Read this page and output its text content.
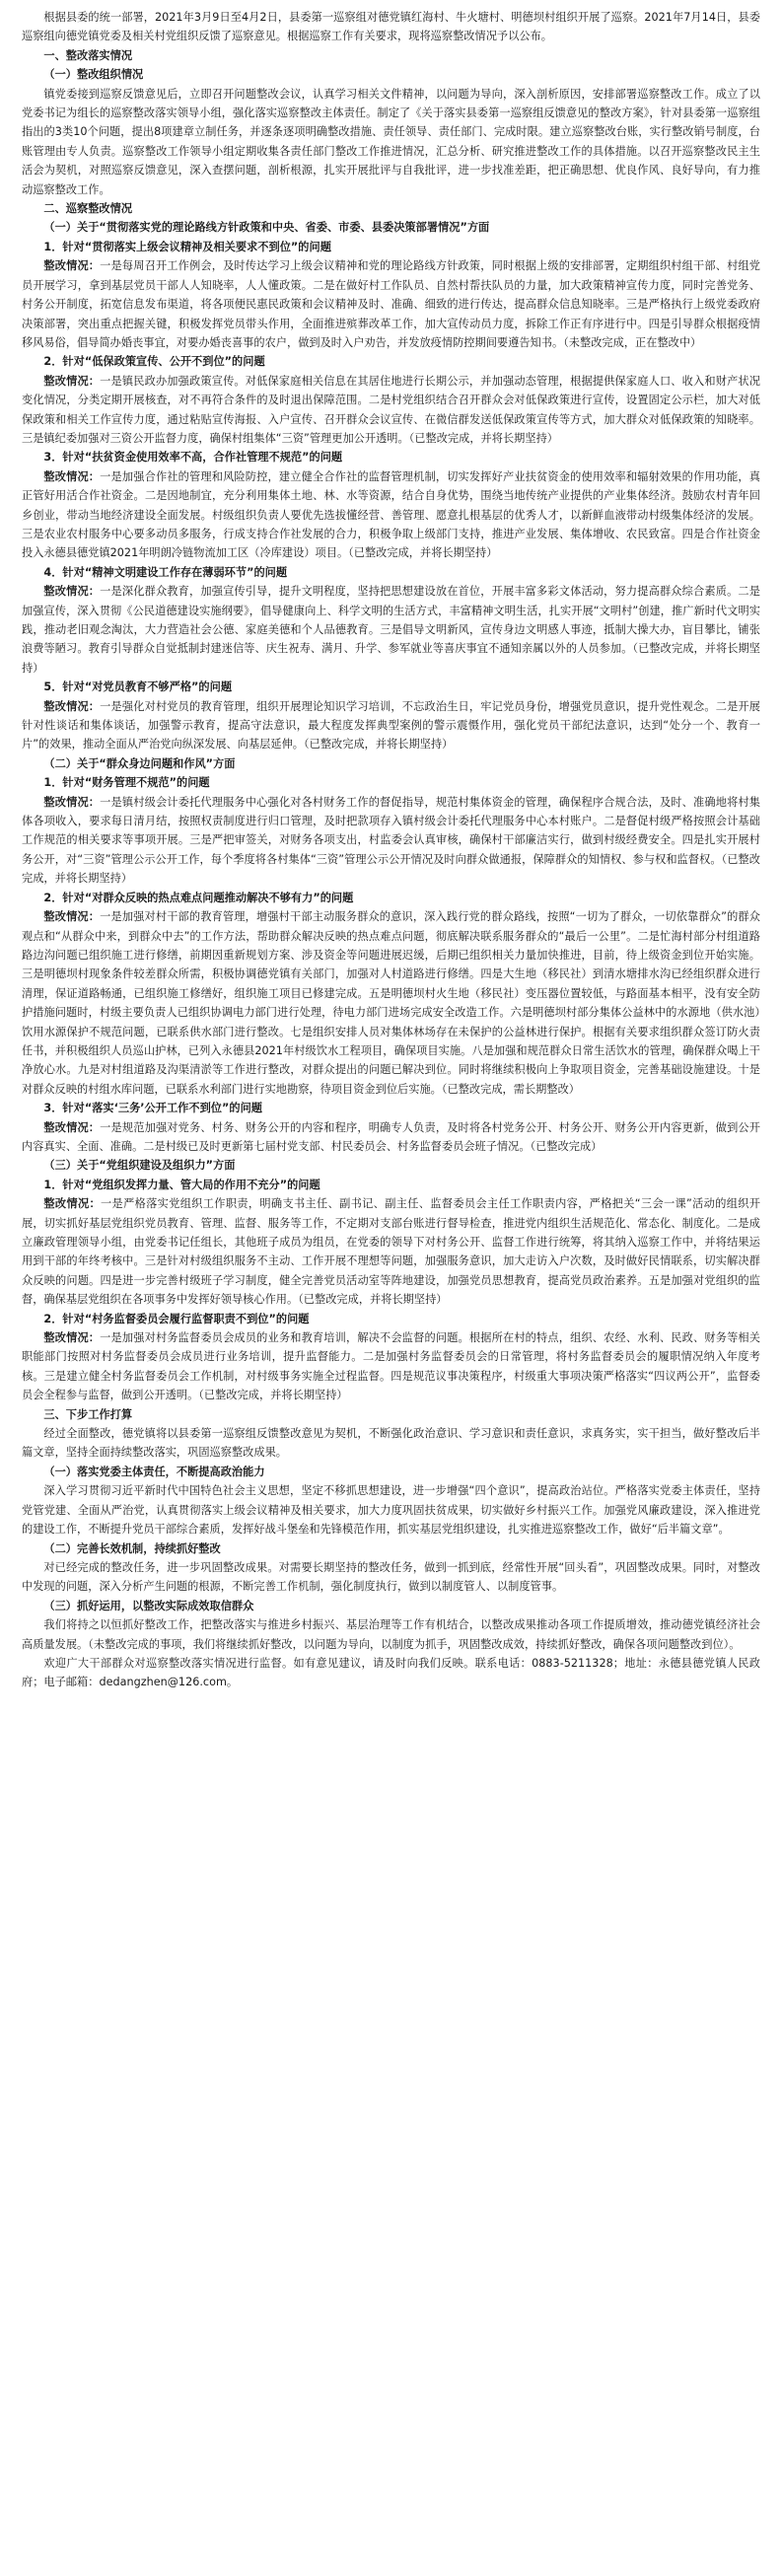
根据县委的统一部署，2021年3月9日至4月2日，县委第一巡察组对德党镇红海村、牛火塘村、明德坝村组织开展了巡察。2021年7月14日，县委巡察组向德党镇党委及相关村党组织反馈了巡察意见。根据巡察工作有关要求，现将巡察整改情况予以公布。

一、整改落实情况

（一）整改组织情况

镇党委接到巡察反馈意见后，立即召开问题整改会议，认真学习相关文件精神，以问题为导向，深入剖析原因，安排部署巡察整改工作。成立了以党委书记为组长的巡察整改落实领导小组，强化落实巡察整改主体责任。制定了《关于落实县委第一巡察组反馈意见的整改方案》，针对县委第一巡察组指出的3类10个问题，提出8项建章立制任务，并逐条逐项明确整改措施、责任领导、责任部门、完成时限。建立巡察整改台账，实行整改销号制度，台账管理由专人负责。巡察整改工作领导小组定期收集各责任部门整改工作推进情况，汇总分析、研究推进整改工作的具体措施。以召开巡察整改民主生活会为契机，对照巡察反馈意见，深入查摆问题，剖析根源，扎实开展批评与自我批评，进一步找准差距，把正确思想、优良作风、良好导向，有力推动巡察整改工作。

二、巡察整改情况

（一）关于“贯彻落实党的理论路线方针政策和中央、省委、市委、县委决策部署情况”方面

1．针对“贯彻落实上级会议精神及相关要求不到位”的问题

整改情况：一是每周召开工作例会，及时传达学习上级会议精神和党的理论路线方针政策，同时根据上级的安排部署，定期组织村组干部、村组党员开展学习，拿到基层党员干部人人知晓率，人人懂政策。二是在做好村工作队员、自然村帮扶队员的力量，加大政策精神宣传力度，同时完善党务、村务公开制度，拓宽信息发布渠道，将各项便民惠民政策和会议精神及时、准确、细致的进行传达，提高群众信息知晓率。三是严格执行上级党委政府决策部署，突出重点把握关键，积极发挥党员带头作用，全面推进殡葬改革工作，加大宣传动员力度，拆除工作正有序进行中。四是引导群众根据疫情移风易俗，倡导简办婚丧事宜，对要办婚丧喜事的农户，做到及时入户劝告，并发放疫情防控期间要遵告知书。（未整改完成，正在整改中）

2．针对“低保政策宣传、公开不到位”的问题

整改情况：一是镇民政办加强政策宣传。对低保家庭相关信息在其居住地进行长期公示，并加强动态管理，根据提供保家庭人口、收入和财产状况变化情况，分类定期开展核查，对不再符合条件的及时退出保障范围。二是村党组织结合召开群众会对低保政策进行宣传，设置固定公示栏，加大对低保政策和相关工作宣传力度，通过粘贴宣传海报、入户宣传、召开群众会议宣传、在微信群发送低保政策宣传等方式，加大群众对低保政策的知晓率。三是镇纪委加强对三资公开监督力度，确保村组集体“三资”管理更加公开透明。（已整改完成，并将长期坚持）

3．针对“扶贫资金使用效率不高，合作社管理不规范”的问题

整改情况：一是加强合作社的管理和风险防控，建立健全合作社的监督管理机制，切实发挥好产业扶贫资金的使用效率和辐射效果的作用功能，真正管好用活合作社资金。二是因地制宜，充分利用集体土地、林、水等资源，结合自身优势，围绕当地传统产业提供的产业集体经济。鼓励农村青年回乡创业，带动当地经济建设全面发展。村级组织负责人要优先选拔懂经营、善管理、愿意扎根基层的优秀人才，以新鲜血液带动村级集体经济的发展。三是农业农村服务中心要多动员多服务，行成支持合作社发展的合力，积极争取上级部门支持，推进产业发展、集体增收、农民致富。四是合作社资金投入永德县德党镇2021年明朗冷链物流加工区（冷库建设）项目。（已整改完成，并将长期坚持）

4．针对“精神文明建设工作存在薄弱环节”的问题

整改情况：一是深化群众教育，加强宣传引导，提升文明程度，坚持把思想建设放在首位，开展丰富多彩文体活动，努力提高群众综合素质。二是加强宣传，深入贯彻《公民道德建设实施纲要》，倡导健康向上、科学文明的生活方式，丰富精神文明生活，扎实开展“文明村”创建，推广新时代文明实践，推动老旧观念淘汰，大力营造社会公德、家庭美德和个人品德教育。三是倡导文明新风，宣传身边文明感人事迹，抵制大操大办，盲目攀比，铺张浪费等陋习。教育引导群众自觉抵制封建迷信等、庆生祝寿、满月、升学、参军就业等喜庆事宜不通知亲属以外的人员参加。（已整改完成，并将长期坚持）

5．针对“对党员教育不够严格”的问题

整改情况：一是强化对村党员的教育管理，组织开展理论知识学习培训，不忘政治生日，牢记党员身份，增强党员意识，提升党性观念。二是开展针对性谈话和集体谈话，加强警示教育，提高守法意识，最大程度发挥典型案例的警示震慑作用，强化党员干部纪法意识，达到“处分一个、教育一片”的效果，推动全面从严治党向纵深发展、向基层延伸。（已整改完成，并将长期坚持）

（二）关于“群众身边问题和作风”方面

1．针对“财务管理不规范”的问题

整改情况：一是镇村级会计委托代理服务中心强化对各村财务工作的督促指导，规范村集体资金的管理，确保程序合规合法，及时、准确地将村集体各项收入，要求每日清月结，按照权责制度进行归口管理，及时把款项存入镇村级会计委托代理服务中心本村账户。二是督促村级严格按照会计基础工作规范的相关要求等事项开展。三是严把审签关，对财务各项支出，村监委会认真审核，确保村干部廉洁实行，做到村级经费安全。四是扎实开展村务公开，对“三资”管理公示公开工作，每个季度将各村集体“三资”管理公示公开情况及时向群众做通报，保障群众的知情权、参与权和监督权。（已整改完成，并将长期坚持）

2．针对“对群众反映的热点难点问题推动解决不够有力”的问题

整改情况：一是加强对村干部的教育管理，增强村干部主动服务群众的意识，深入践行党的群众路线，按照“一切为了群众，一切依靠群众”的群众观点和“从群众中来，到群众中去”的工作方法，帮助群众解决反映的热点难点问题，彻底解决联系服务群众的“最后一公里”。二是忙海村部分村组道路路边沟问题已组织施工进行修缮，前期因重新规划方案、涉及资金等问题进展迟缓，后期已组织相关力量加快推进，目前，待上级资金到位开始实施。三是明德坝村现象条件较差群众所需，积极协调德党镇有关部门，加强对人村道路进行修缮。四是大生地（移民社）到清水塘排水沟已经组织群众进行清理，保证道路畅通，已组织施工修缮好，组织施工项目已修建完成。五是明德坝村火生地（移民社）变压器位置较低，与路面基本相平，没有安全防护措施问题时，村级主要负责人已组织协调电力部门进行处理，待电力部门进场完成安全改造工作。六是明德坝村部分集体公益林中的水源地（供水池）饮用水源保护不规范问题，已联系供水部门进行整改。七是组织安排人员对集体林场存在未保护的公益林进行保护。根据有关要求组织群众签订防火责任书，并积极组织人员巡山护林，已列入永德县2021年村级饮水工程项目，确保项目实施。八是加强和规范群众日常生活饮水的管理，确保群众喝上干净放心水。九是对村组道路及沟渠清淤等工作进行整改，对群众提出的问题已解决到位。同时将继续积极向上争取项目资金，完善基础设施建设。十是对群众反映的村组水库问题，已联系水利部门进行实地勘察，待项目资金到位后实施。（已整改完成，需长期整改）

3．针对“落实‘三务’公开工作不到位”的问题

整改情况：一是规范加强对党务、村务、财务公开的内容和程序，明确专人负责，及时将各村党务公开、村务公开、财务公开内容更新，做到公开内容真实、全面、准确。二是村级已及时更新第七届村党支部、村民委员会、村务监督委员会班子情况。（已整改完成）

（三）关于“党组织建设及组织力”方面

1．针对“党组织发挥力量、管大局的作用不充分”的问题

整改情况：一是严格落实党组织工作职责，明确支书主任、副书记、副主任、监督委员会主任工作职责内容，严格把关“三会一课”活动的组织开展，切实抓好基层党组织党员教育、管理、监督、服务等工作，不定期对支部台账进行督导检查，推进党内组织生活规范化、常态化、制度化。二是成立廉政管理领导小组，由党委书记任组长，其他班子成员为组员，在党委的领导下对村务公开、监督工作进行统筹，将其纳入巡察工作中，并将结果运用到干部的年终考核中。三是针对村级组织服务不主动、工作开展不理想等问题，加强服务意识，加大走访入户次数，及时做好民情联系，切实解决群众反映的问题。四是进一步完善村级班子学习制度，健全完善党员活动室等阵地建设，加强党员思想教育，提高党员政治素养。五是加强对党组织的监督，确保基层党组织在各项事务中发挥好领导核心作用。（已整改完成，并将长期坚持）

2．针对“村务监督委员会履行监督职责不到位”的问题

整改情况：一是加强对村务监督委员会成员的业务和教育培训，解决不会监督的问题。根据所在村的特点，组织、农经、水利、民政、财务等相关职能部门按照对村务监督委员会成员进行业务培训，提升监督能力。二是加强村务监督委员会的日常管理，将村务监督委员会的履职情况纳入年度考核。三是建立健全村务监督委员会工作机制，对村级事务实施全过程监督。四是规范议事决策程序，村级重大事项决策严格落实“四议两公开”，监督委员会全程参与监督，做到公开透明。（已整改完成，并将长期坚持）

三、下步工作打算

经过全面整改，德党镇将以县委第一巡察组反馈整改意见为契机，不断强化政治意识、学习意识和责任意识，求真务实，实干担当，做好整改后半篇文章，坚持全面持续整改落实，巩固巡察整改成果。

（一）落实党委主体责任，不断提高政治能力

深入学习贯彻习近平新时代中国特色社会主义思想，坚定不移抓思想建设，进一步增强“四个意识”，提高政治站位。严格落实党委主体责任，坚持党管党建、全面从严治党，认真贯彻落实上级会议精神及相关要求，加大力度巩固扶贫成果，切实做好乡村振兴工作。加强党风廉政建设，深入推进党的建设工作，不断提升党员干部综合素质，发挥好战斗堡垒和先锋模范作用，抓实基层党组织建设，扎实推进巡察整改工作，做好“后半篇文章”。

（二）完善长效机制，持续抓好整改

对已经完成的整改任务，进一步巩固整改成果。对需要长期坚持的整改任务，做到一抓到底，经常性开展“回头看”，巩固整改成果。同时，对整改中发现的问题，深入分析产生问题的根源，不断完善工作机制，强化制度执行，做到以制度管人、以制度管事。

（三）抓好运用，以整改实际成效取信群众

我们将持之以恒抓好整改工作，把整改落实与推进乡村振兴、基层治理等工作有机结合，以整改成果推动各项工作提质增效，推动德党镇经济社会高质量发展。（未整改完成的事项，我们将继续抓好整改，以问题为导向，以制度为抓手，巩固整改成效，持续抓好整改，确保各项问题整改到位）。

欢迎广大干部群众对巡察整改落实情况进行监督。如有意见建议，请及时向我们反映。联系电话：0883-5211328；地址：永德县德党镇人民政府；电子邮箱：dedangzhen@126.com。
